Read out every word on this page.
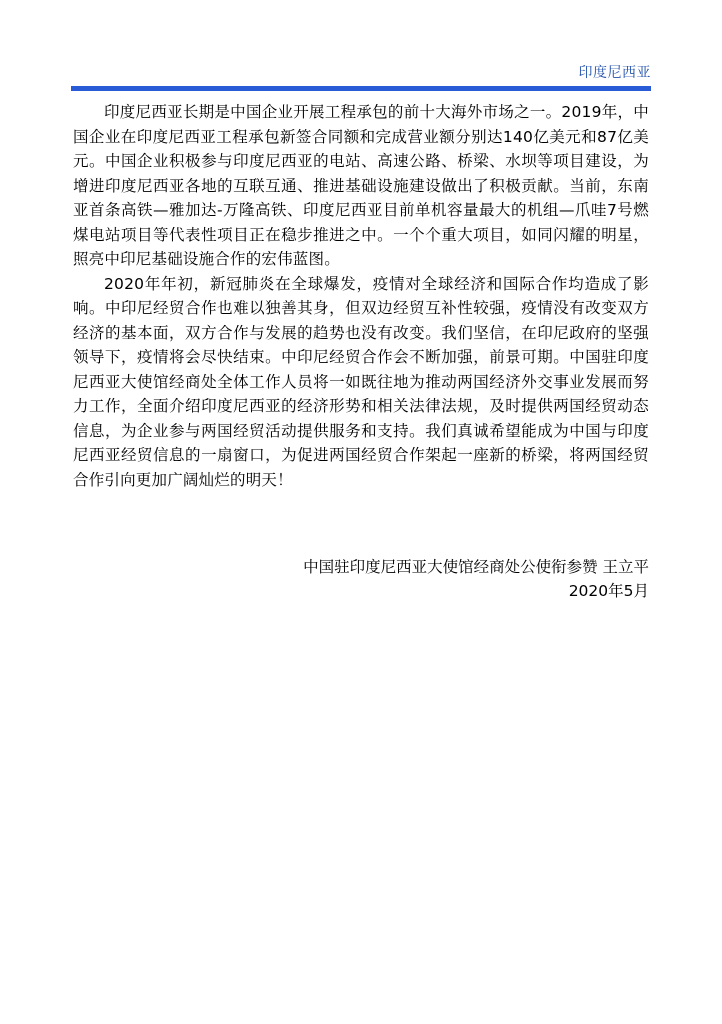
印度尼西亚

印度尼西亚长期是中国企业开展工程承包的前十大海外市场之一。2019年，中国企业在印度尼西亚工程承包新签合同额和完成营业额分别达140亿美元和87亿美元。中国企业积极参与印度尼西亚的电站、高速公路、桥梁、水坝等项目建设，为增进印度尼西亚各地的互联互通、推进基础设施建设做出了积极贡献。当前，东南亚首条高铁—雅加达-万隆高铁、印度尼西亚目前单机容量最大的机组—爪哇7号燃煤电站项目等代表性项目正在稳步推进之中。一个个重大项目，如同闪耀的明星，照亮中印尼基础设施合作的宏伟蓝图。

2020年年初，新冠肺炎在全球爆发，疫情对全球经济和国际合作均造成了影响。中印尼经贸合作也难以独善其身，但双边经贸互补性较强，疫情没有改变双方经济的基本面，双方合作与发展的趋势也没有改变。我们坚信，在印尼政府的坚强领导下，疫情将会尽快结束。中印尼经贸合作会不断加强，前景可期。中国驻印度尼西亚大使馆经商处全体工作人员将一如既往地为推动两国经济外交事业发展而努力工作，全面介绍印度尼西亚的经济形势和相关法律法规，及时提供两国经贸动态信息，为企业参与两国经贸活动提供服务和支持。我们真诚希望能成为中国与印度尼西亚经贸信息的一扇窗口，为促进两国经贸合作架起一座新的桥梁，将两国经贸合作引向更加广阔灿烂的明天！

中国驻印度尼西亚大使馆经商处公使衔参赞 王立平
2020年5月
